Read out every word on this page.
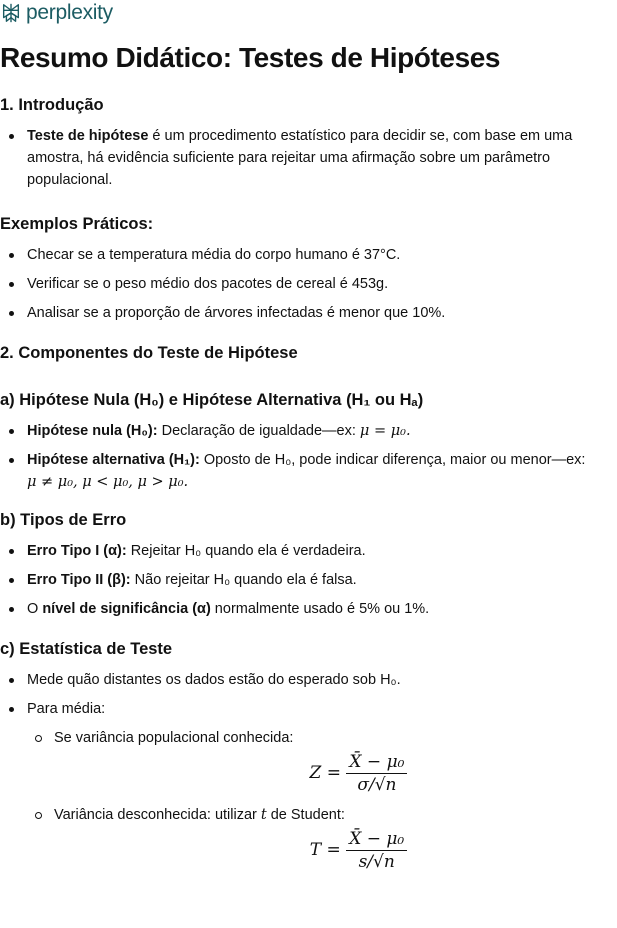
perplexity
Resumo Didático: Testes de Hipóteses
1. Introdução
Teste de hipótese é um procedimento estatístico para decidir se, com base em uma amostra, há evidência suficiente para rejeitar uma afirmação sobre um parâmetro populacional.
Exemplos Práticos:
Checar se a temperatura média do corpo humano é 37°C.
Verificar se o peso médio dos pacotes de cereal é 453g.
Analisar se a proporção de árvores infectadas é menor que 10%.
2. Componentes do Teste de Hipótese
a) Hipótese Nula (H₀) e Hipótese Alternativa (H₁ ou Hₐ)
Hipótese nula (H₀): Declaração de igualdade—ex: μ = μ₀.
Hipótese alternativa (H₁): Oposto de H₀, pode indicar diferença, maior ou menor—ex:
μ ≠ μ₀, μ < μ₀, μ > μ₀.
b) Tipos de Erro
Erro Tipo I (α): Rejeitar H₀ quando ela é verdadeira.
Erro Tipo II (β): Não rejeitar H₀ quando ela é falsa.
O nível de significância (α) normalmente usado é 5% ou 1%.
c) Estatística de Teste
Mede quão distantes os dados estão do esperado sob H₀.
Para média:
Se variância populacional conhecida:
$Z = \frac{\text{X̄ − μ₀}}{\sigma/√n}$
Variância desconhecida: utilizar t de Student:
$T = \frac{\text{X̄ − μ₀}}{s/√n}$
